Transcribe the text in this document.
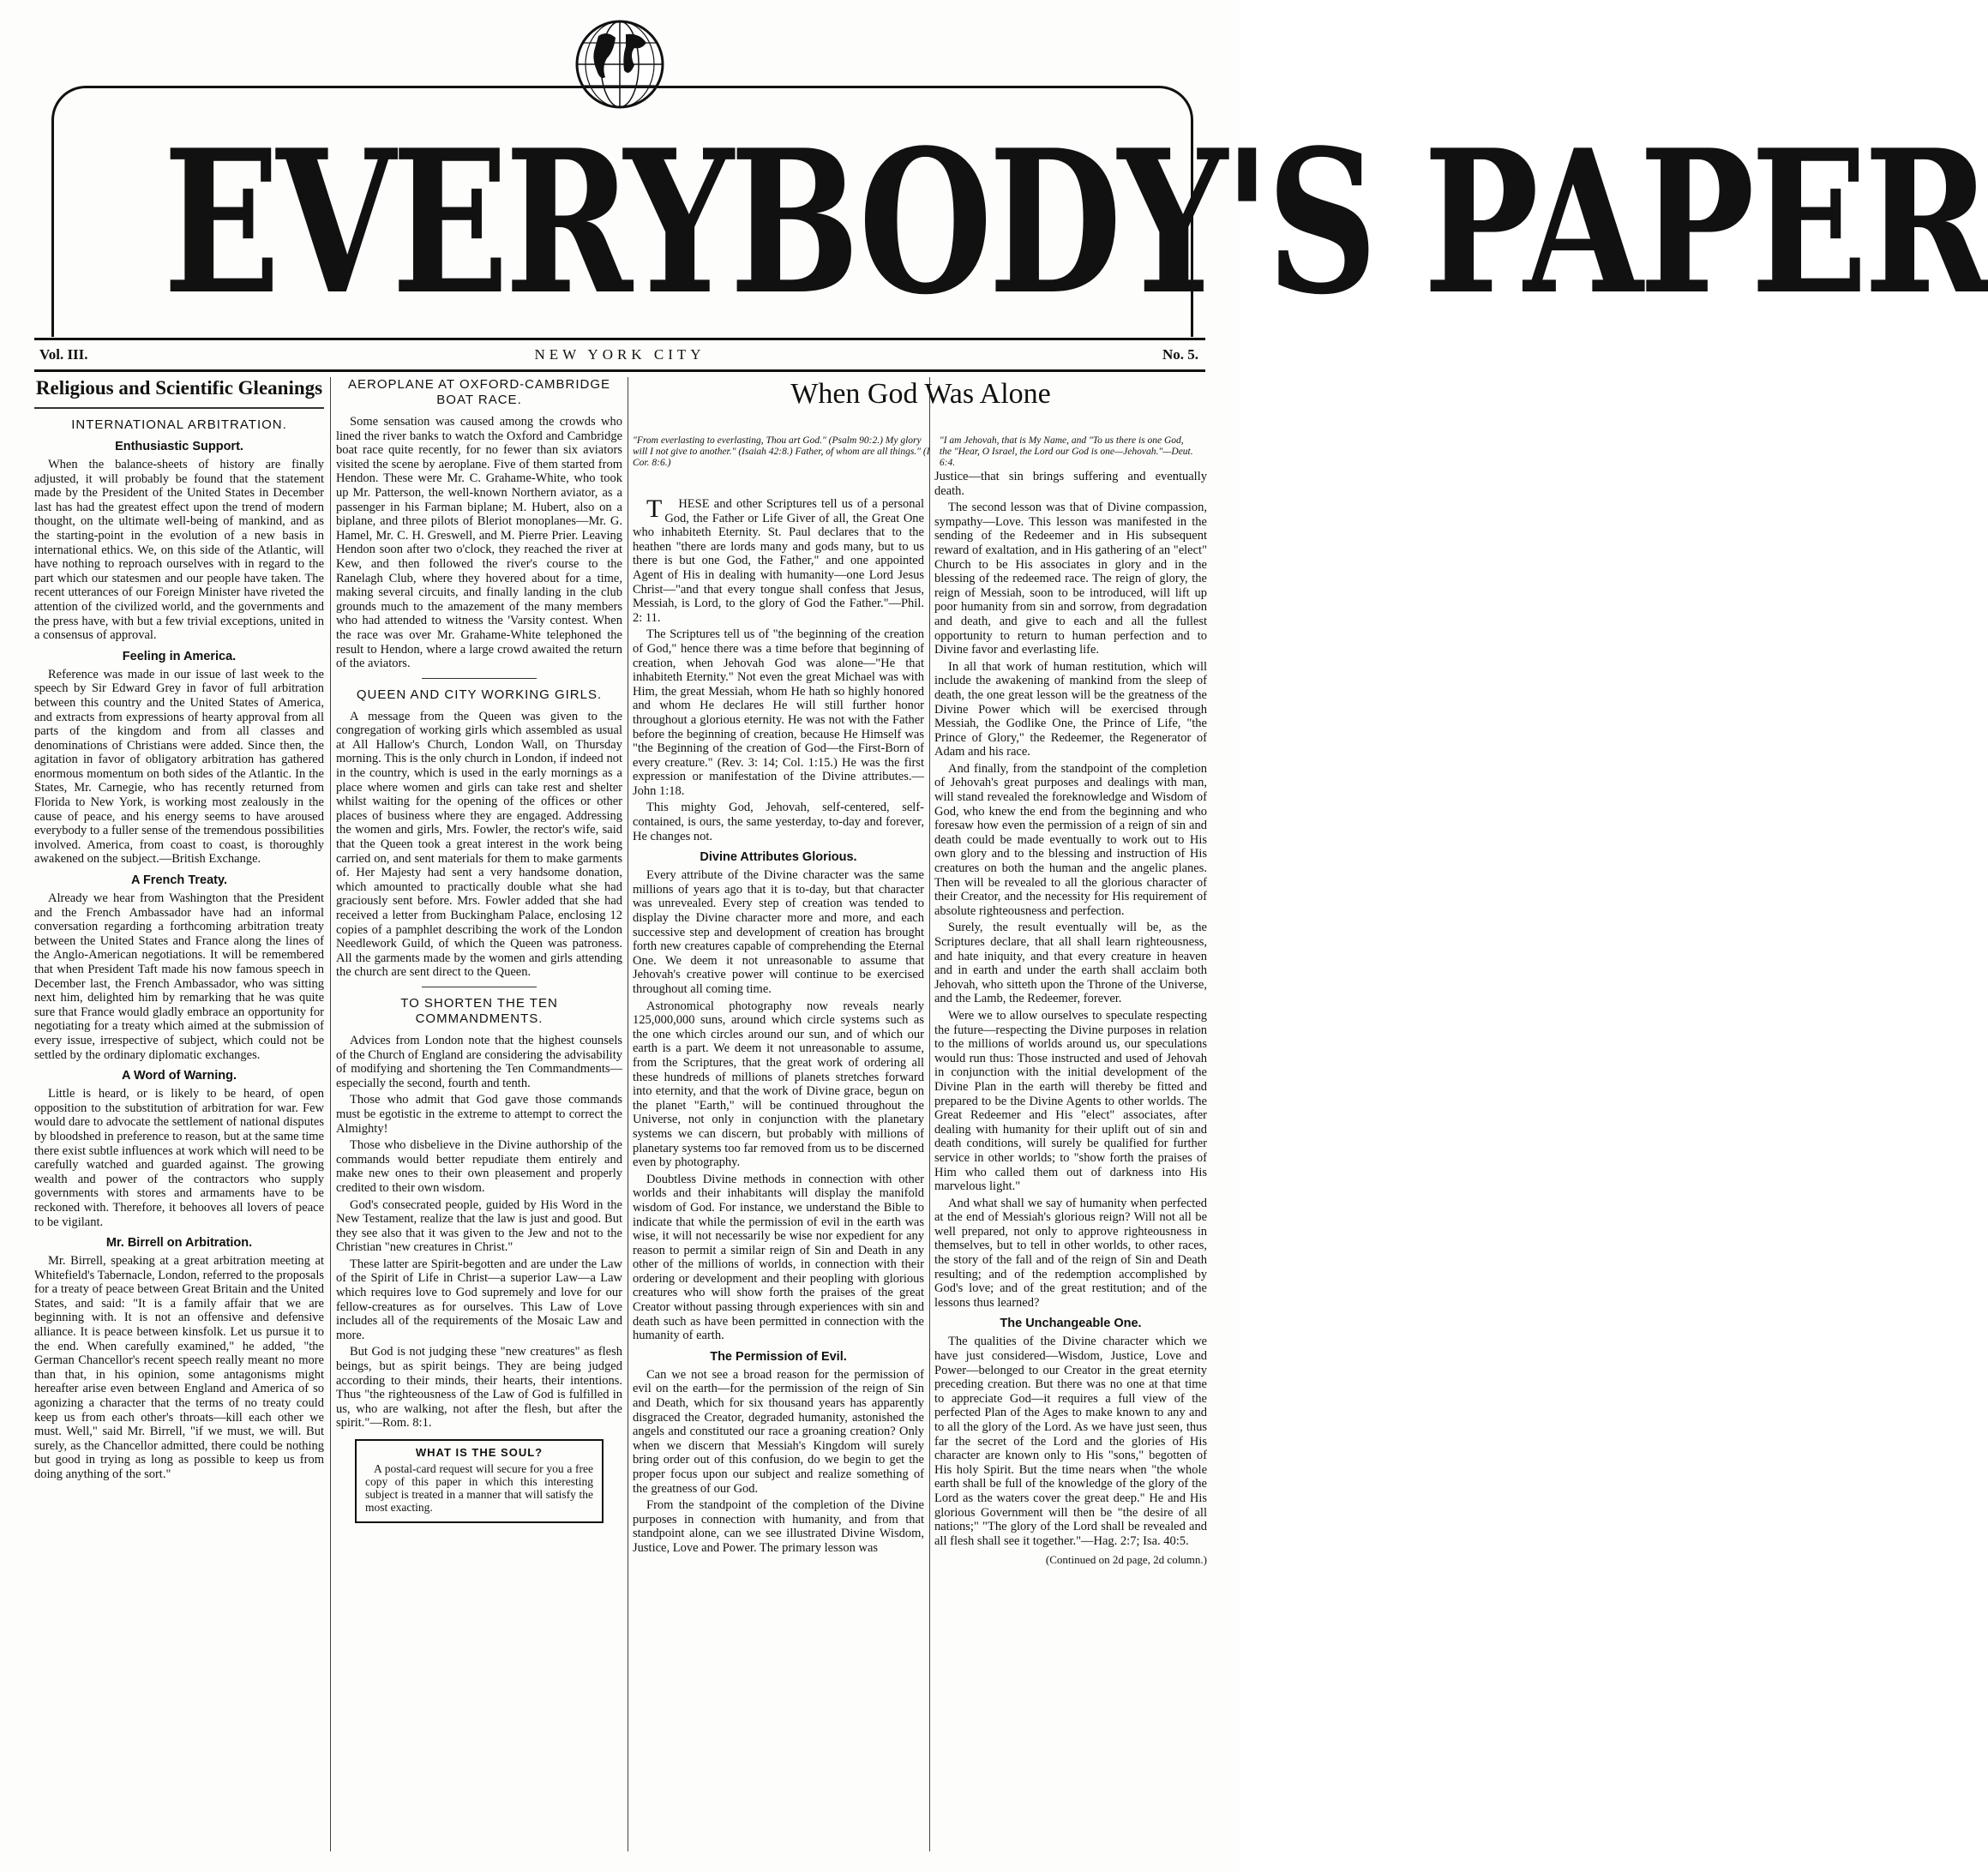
EVERYBODY'S PAPER
Vol. III.	NEW YORK CITY	No. 5.
Religious and Scientific Gleanings
INTERNATIONAL ARBITRATION.
Enthusiastic Support.

When the balance-sheets of history are finally adjusted, it will probably be found that the statement made by the President of the United States in December last has had the greatest effect upon the trend of modern thought, on the ultimate well-being of mankind, and as the starting-point in the evolution of a new basis in international ethics. We, on this side of the Atlantic, will have nothing to reproach ourselves with in regard to the part which our statesmen and our people have taken. The recent utterances of our Foreign Minister have riveted the attention of the civilized world, and the governments and the press have, with but a few trivial exceptions, united in a consensus of approval.

Feeling in America.

Reference was made in our issue of last week to the speech by Sir Edward Grey in favor of full arbitration between this country and the United States of America, and extracts from expressions of hearty approval from all parts of the kingdom and from all classes and denominations of Christians were added. Since then, the agitation in favor of obligatory arbitration has gathered enormous momentum on both sides of the Atlantic. In the States, Mr. Carnegie, who has recently returned from Florida to New York, is working most zealously in the cause of peace, and his energy seems to have aroused everybody to a fuller sense of the tremendous possibilities involved. America, from coast to coast, is thoroughly awakened on the subject.—British Exchange.

A French Treaty.

Already we hear from Washington that the President and the French Ambassador have had an informal conversation regarding a forthcoming arbitration treaty between the United States and France along the lines of the Anglo-American negotiations. It will be remembered that when President Taft made his now famous speech in December last, the French Ambassador, who was sitting next him, delighted him by remarking that he was quite sure that France would gladly embrace an opportunity for negotiating for a treaty which aimed at the submission of every issue, irrespective of subject, which could not be settled by the ordinary diplomatic exchanges.

A Word of Warning.

Little is heard, or is likely to be heard, of open opposition to the substitution of arbitration for war. Few would dare to advocate the settlement of national disputes by bloodshed in preference to reason, but at the same time there exist subtle influences at work which will need to be carefully watched and guarded against. The growing wealth and power of the contractors who supply governments with stores and armaments have to be reckoned with. Therefore, it behooves all lovers of peace to be vigilant.

Mr. Birrell on Arbitration.

Mr. Birrell, speaking at a great arbitration meeting at Whitefield's Tabernacle, London, referred to the proposals for a treaty of peace between Great Britain and the United States, and said: "It is a family affair that we are beginning with. It is not an offensive and defensive alliance. It is peace between kinsfolk. Let us pursue it to the end. When carefully examined," he added, "the German Chancellor's recent speech really meant no more than that, in his opinion, some antagonisms might hereafter arise even between England and America of so agonizing a character that the terms of no treaty could keep us from each other's throats—kill each other we must. Well," said Mr. Birrell, "if we must, we will. But surely, as the Chancellor admitted, there could be nothing but good in trying as long as possible to keep us from doing anything of the sort."

AEROPLANE AT OXFORD-CAMBRIDGE BOAT RACE.

Some sensation was caused among the crowds who lined the river banks to watch the Oxford and Cambridge boat race quite recently, for no fewer than six aviators visited the scene by aeroplane. Five of them started from Hendon. These were Mr. C. Grahame-White, who took up Mr. Patterson, the well-known Northern aviator, as a passenger in his Farman biplane; M. Hubert, also on a biplane, and three pilots of Bleriot monoplanes—Mr. G. Hamel, Mr. C. H. Greswell, and M. Pierre Prier. Leaving Hendon soon after two o'clock, they reached the river at Kew, and then followed the river's course to the Ranelagh Club, where they hovered about for a time, making several circuits, and finally landing in the club grounds much to the amazement of the many members who had attended to witness the 'Varsity contest. When the race was over Mr. Grahame-White telephoned the result to Hendon, where a large crowd awaited the return of the aviators.

QUEEN AND CITY WORKING GIRLS.

A message from the Queen was given to the congregation of working girls which assembled as usual at All Hallow's Church, London Wall, on Thursday morning. This is the only church in London, if indeed not in the country, which is used in the early mornings as a place where women and girls can take rest and shelter whilst waiting for the opening of the offices or other places of business where they are engaged. Addressing the women and girls, Mrs. Fowler, the rector's wife, said that the Queen took a great interest in the work being carried on, and sent materials for them to make garments of. Her Majesty had sent a very handsome donation, which amounted to practically double what she had graciously sent before. Mrs. Fowler added that she had received a letter from Buckingham Palace, enclosing 12 copies of a pamphlet describing the work of the London Needlework Guild, of which the Queen was patroness. All the garments made by the women and girls attending the church are sent direct to the Queen.

TO SHORTEN THE TEN COMMANDMENTS.

Advices from London note that the highest counsels of the Church of England are considering the advisability of modifying and shortening the Ten Commandments—especially the second, fourth and tenth.

Those who admit that God gave those commands must be egotistic in the extreme to attempt to correct the Almighty!

Those who disbelieve in the Divine authorship of the commands would better repudiate them entirely and make new ones to their own pleasement and properly credited to their own wisdom.

God's consecrated people, guided by His Word in the New Testament, realize that the law is just and good. But they see also that it was given to the Jew and not to the Christian "new creatures in Christ."

These latter are Spirit-begotten and are under the Law of the Spirit of Life in Christ—a superior Law—a Law which requires love to God supremely and love for our fellow-creatures as for ourselves. This Law of Love includes all of the requirements of the Mosaic Law and more.

But God is not judging these "new creatures" as flesh beings, but as spirit beings. They are being judged according to their minds, their hearts, their intentions. Thus "the righteousness of the Law of God is fulfilled in us, who are walking, not after the flesh, but after the spirit."—Rom. 8:1.

WHAT IS THE SOUL?

A postal-card request will secure for you a free copy of this paper in which this interesting subject is treated in a manner that will satisfy the most exacting.

When God Was Alone
"From everlasting to everlasting, Thou art God." (Psalm 90:2.) My glory will I not give to another." (Isaiah 42:8.) Father, of whom are all things." (I Cor. 8:6.) "I am Jehovah, that is My Name, and "To us there is one God, the "Hear, O Israel, the Lord our God is one—Jehovah."—Deut. 6:4.

THESE and other Scriptures tell us of a personal God, the Father or Life Giver of all, the Great One who inhabiteth Eternity. St. Paul declares that to the heathen "there are lords many and gods many, but to us there is but one God, the Father," and one appointed Agent of His in dealing with humanity—one Lord Jesus Christ—"and that every tongue shall confess that Jesus, Messiah, is Lord, to the glory of God the Father."—Phil. 2: 11.

The Scriptures tell us of "the beginning of the creation of God," hence there was a time before that beginning of creation, when Jehovah God was alone—"He that inhabiteth Eternity." Not even the great Michael was with Him, the great Messiah, whom He hath so highly honored and whom He declares He will still further honor throughout a glorious eternity. He was not with the Father before the beginning of creation, because He Himself was "the Beginning of the creation of God—the First-Born of every creature." (Rev. 3: 14; Col. 1:15.) He was the first expression or manifestation of the Divine attributes.—John 1:18.

This mighty God, Jehovah, self-centered, self-contained, is ours, the same yesterday, to-day and forever, He changes not.

Divine Attributes Glorious.

Every attribute of the Divine character was the same millions of years ago that it is to-day, but that character was unrevealed. Every step of creation was tended to display the Divine character more and more, and each successive step and development of creation has brought forth new creatures capable of comprehending the Eternal One. We deem it not unreasonable to assume that Jehovah's creative power will continue to be exercised throughout all coming time.

Astronomical photography now reveals nearly 125,000,000 suns, around which circle systems such as the one which circles around our sun, and of which our earth is a part. We deem it not unreasonable to assume, from the Scriptures, that the great work of ordering all these hundreds of millions of planets stretches forward into eternity, and that the work of Divine grace, begun on the planet "Earth," will be continued throughout the Universe, not only in conjunction with the planetary systems we can discern, but probably with millions of planetary systems too far removed from us to be discerned even by photography.

Doubtless Divine methods in connection with other worlds and their inhabitants will display the manifold wisdom of God. For instance, we understand the Bible to indicate that while the permission of evil in the earth was wise, it will not necessarily be wise nor expedient for any reason to permit a similar reign of Sin and Death in any other of the millions of worlds, in connection with their ordering or development and their peopling with glorious creatures who will show forth the praises of the great Creator without passing through experiences with sin and death such as have been permitted in connection with the humanity of earth.

The Permission of Evil.

Can we not see a broad reason for the permission of evil on the earth—for the permission of the reign of Sin and Death, which for six thousand years has apparently disgraced the Creator, degraded humanity, astonished the angels and constituted our race a groaning creation? Only when we discern that Messiah's Kingdom will surely bring order out of this confusion, do we begin to get the proper focus upon our subject and realize something of the greatness of our God.

From the standpoint of the completion of the Divine purposes in connection with humanity, and from that standpoint alone, can we see illustrated Divine Wisdom, Justice, Love and Power. The primary lesson was

Justice—that sin brings suffering and eventually death.

The second lesson was that of Divine compassion, sympathy—Love. This lesson was manifested in the sending of the Redeemer and in His subsequent reward of exaltation, and in His gathering of an "elect" Church to be His associates in glory and in the blessing of the redeemed race. The reign of glory, the reign of Messiah, soon to be introduced, will lift up poor humanity from sin and sorrow, from degradation and death, and give to each and all the fullest opportunity to return to human perfection and to Divine favor and everlasting life.

In all that work of human restitution, which will include the awakening of mankind from the sleep of death, the one great lesson will be the greatness of the Divine Power which will be exercised through Messiah, the Godlike One, the Prince of Life, "the Prince of Glory," the Redeemer, the Regenerator of Adam and his race.

And finally, from the standpoint of the completion of Jehovah's great purposes and dealings with man, will stand revealed the foreknowledge and Wisdom of God, who knew the end from the beginning and who foresaw how even the permission of a reign of sin and death could be made eventually to work out to His own glory and to the blessing and instruction of His creatures on both the human and the angelic planes. Then will be revealed to all the glorious character of their Creator, and the necessity for His requirement of absolute righteousness and perfection.

Surely, the result eventually will be, as the Scriptures declare, that all shall learn righteousness, and hate iniquity, and that every creature in heaven and in earth and under the earth shall acclaim both Jehovah, who sitteth upon the Throne of the Universe, and the Lamb, the Redeemer, forever.

Were we to allow ourselves to speculate respecting the future—respecting the Divine purposes in relation to the millions of worlds around us, our speculations would run thus: Those instructed and used of Jehovah in conjunction with the initial development of the Divine Plan in the earth will thereby be fitted and prepared to be the Divine Agents to other worlds. The Great Redeemer and His "elect" associates, after dealing with humanity for their uplift out of sin and death conditions, will surely be qualified for further service in other worlds; to "show forth the praises of Him who called them out of darkness into His marvelous light."

And what shall we say of humanity when perfected at the end of Messiah's glorious reign? Will not all be well prepared, not only to approve righteousness in themselves, but to tell in other worlds, to other races, the story of the fall and of the reign of Sin and Death resulting; and of the redemption accomplished by God's love; and of the great restitution; and of the lessons thus learned?

The Unchangeable One.

The qualities of the Divine character which we have just considered—Wisdom, Justice, Love and Power—belonged to our Creator in the great eternity preceding creation. But there was no one at that time to appreciate God—it requires a full view of the perfected Plan of the Ages to make known to any and to all the glory of the Lord. As we have just seen, thus far the secret of the Lord and the glories of His character are known only to His "sons," begotten of His holy Spirit. But the time nears when "the whole earth shall be full of the knowledge of the glory of the Lord as the waters cover the great deep." He and His glorious Government will then be "the desire of all nations;" "The glory of the Lord shall be revealed and all flesh shall see it together."—Hag. 2:7; Isa. 40:5.

(Continued on 2d page, 2d column.)
